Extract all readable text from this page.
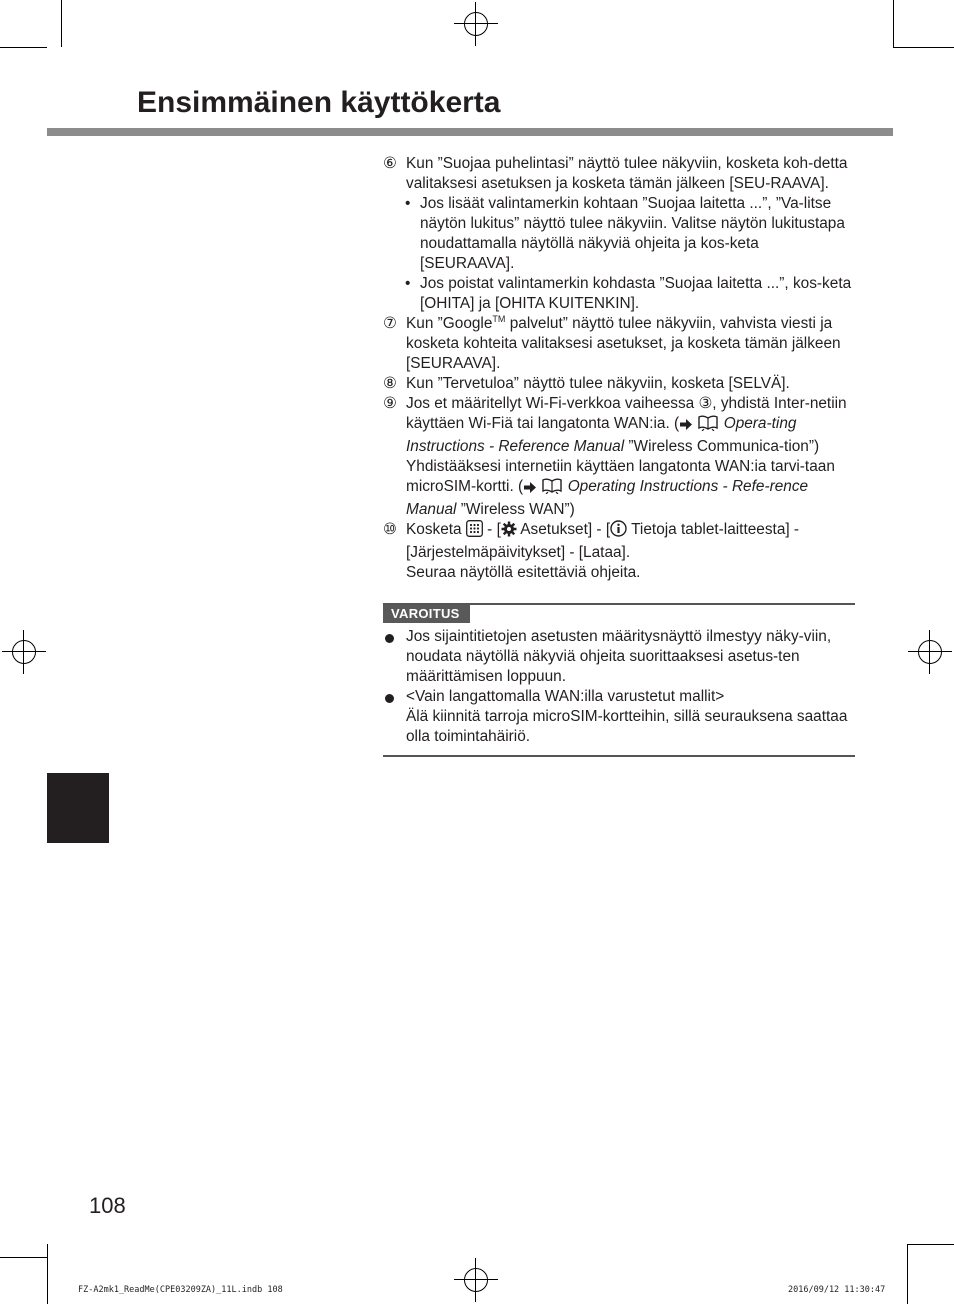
Ensimmäinen käyttökerta
⑥ Kun ”Suojaa puhelintasi” näyttö tulee näkyviin, kosketa koh-detta valitaksesi asetuksen ja kosketa tämän jälkeen [SEU-RAAVA].
• Jos lisäät valintamerkin kohtaan ”Suojaa laitetta ...”, ”Va-litse näytön lukitus” näyttö tulee näkyviin. Valitse näytön lukitustapa noudattamalla näytöllä näkyviä ohjeita ja kos-keta [SEURAAVA].
• Jos poistat valintamerkin kohdasta ”Suojaa laitetta ...”, kos-keta [OHITA] ja [OHITA KUITENKIN].
⑦ Kun ”Google™ palvelut” näyttö tulee näkyviin, vahvista viesti ja kosketa kohteita valitaksesi asetukset, ja kosketa tämän jälkeen [SEURAAVA].
⑧ Kun ”Tervetuloa” näyttö tulee näkyviin, kosketa [SELVÄ].
⑨ Jos et määritellyt Wi-Fi-verkkoa vaiheessa ③, yhdistä Inter-netiin käyttäen Wi-Fiä tai langatonta WAN:ia. (	Opera-ting Instructions - Reference Manual ”Wireless Communica-tion”)
Yhdistääksesi internetiin käyttäen langatonta WAN:ia tarvi-taan microSIM-kortti. (	Operating Instructions - Refe-rence Manual ”Wireless WAN”)
⑩ Kosketa  - [ Asetukset] - [ Tietoja tablet-laitteesta] - [Järjestelmäpäivitykset] - [Lataa].
Seuraa näytöllä esitettäviä ohjeita.
VAROITUS
Jos sijaintitietojen asetusten määritysnäyttö ilmestyy näky-viin, noudata näytöllä näkyviä ohjeita suorittaaksesi asetus-ten määrittämisen loppuun.
<Vain langattomalla WAN:illa varustetut mallit>
Älä kiinnitä tarroja microSIM-kortteihin, sillä seurauksena saattaa olla toimintahäiriö.
108
FZ-A2mk1_ReadMe(CPE03209ZA)_11L.indb 108	2016/09/12 11:30:47
